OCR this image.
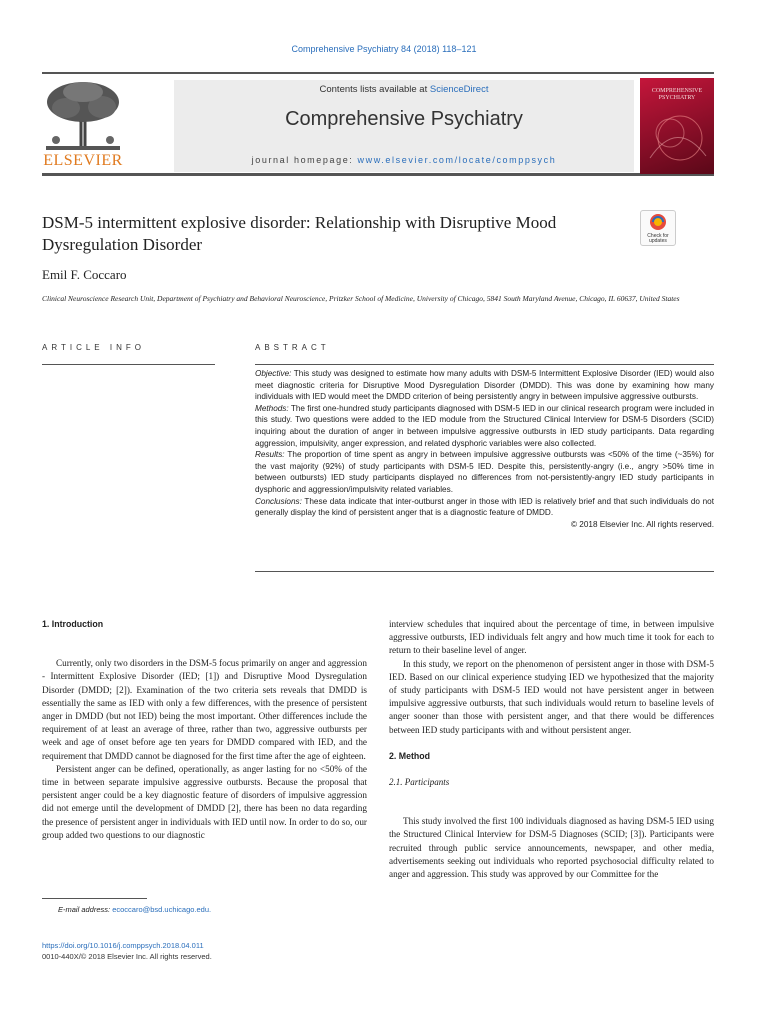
Comprehensive Psychiatry 84 (2018) 118–121
ELSEVIER
Contents lists available at ScienceDirect
Comprehensive Psychiatry
journal homepage: www.elsevier.com/locate/comppsych
COMPREHENSIVE PSYCHIATRY
DSM-5 intermittent explosive disorder: Relationship with Disruptive Mood Dysregulation Disorder	Check for updates
Emil F. Coccaro
Clinical Neuroscience Research Unit, Department of Psychiatry and Behavioral Neuroscience, Pritzker School of Medicine, University of Chicago, 5841 South Maryland Avenue, Chicago, IL 60637, United States
ARTICLE INFO	ABSTRACT

Objective: This study was designed to estimate how many adults with DSM-5 Intermittent Explosive Disorder (IED) would also meet diagnostic criteria for Disruptive Mood Dysregulation Disorder (DMDD). This was done by examining how many individuals with IED would meet the DMDD criterion of being persistently angry in between impulsive aggressive outbursts.

Methods: The first one-hundred study participants diagnosed with DSM-5 IED in our clinical research program were included in this study. Two questions were added to the IED module from the Structured Clinical Interview for DSM-5 Disorders (SCID) inquiring about the duration of anger in between impulsive aggressive outbursts in IED study participants. Data regarding aggression, impulsivity, anger expression, and related dysphoric variables were also collected.

Results: The proportion of time spent as angry in between impulsive aggressive outbursts was <50% of the time (~35%) for the vast majority (92%) of study participants with DSM-5 IED. Despite this, persistently-angry (i.e., angry >50% time in between outbursts) IED study participants displayed no differences from not-persistently-angry IED study participants in dysphoric and aggression/impulsivity related variables.

Conclusions: These data indicate that inter-outburst anger in those with IED is relatively brief and that such individuals do not generally display the kind of persistent anger that is a diagnostic feature of DMDD.

© 2018 Elsevier Inc. All rights reserved.

1. Introduction

Currently, only two disorders in the DSM-5 focus primarily on anger and aggression - Intermittent Explosive Disorder (IED; [1]) and Disruptive Mood Dysregulation Disorder (DMDD; [2]). Examination of the two criteria sets reveals that DMDD is essentially the same as IED with only a few differences, with the presence of persistent anger in DMDD (but not IED) being the most important. Other differences include the requirement of at least an average of three, rather than two, aggressive outbursts per week and age of onset before age ten years for DMDD compared with IED, and the requirement that DMDD cannot be diagnosed for the first time after the age of eighteen.

Persistent anger can be defined, operationally, as anger lasting for no <50% of the time in between separate impulsive aggressive outbursts. Because the proposal that persistent anger could be a key diagnostic feature of disorders of impulsive aggression did not emerge until the development of DMDD [2], there has been no data regarding the presence of persistent anger in individuals with IED until now. In order to do so, our group added two questions to our diagnostic

interview schedules that inquired about the percentage of time, in between impulsive aggressive outbursts, IED individuals felt angry and how much time it took for each to return to their baseline level of anger.

In this study, we report on the phenomenon of persistent anger in those with DSM-5 IED. Based on our clinical experience studying IED we hypothesized that the majority of study participants with DSM-5 IED would not have persistent anger in between impulsive aggressive outbursts, that such individuals would return to baseline levels of anger sooner than those with persistent anger, and that there would be differences between IED study participants with and without persistent anger.

2. Method
2.1. Participants

This study involved the first 100 individuals diagnosed as having DSM-5 IED using the Structured Clinical Interview for DSM-5 Diagnoses (SCID; [3]). Participants were recruited through public service announcements, newspaper, and other media, advertisements seeking out individuals who reported psychosocial difficulty related to anger and aggression. This study was approved by our Committee for the

E-mail address: ecoccaro@bsd.uchicago.edu.
https://doi.org/10.1016/j.comppsych.2018.04.011
0010-440X/© 2018 Elsevier Inc. All rights reserved.
